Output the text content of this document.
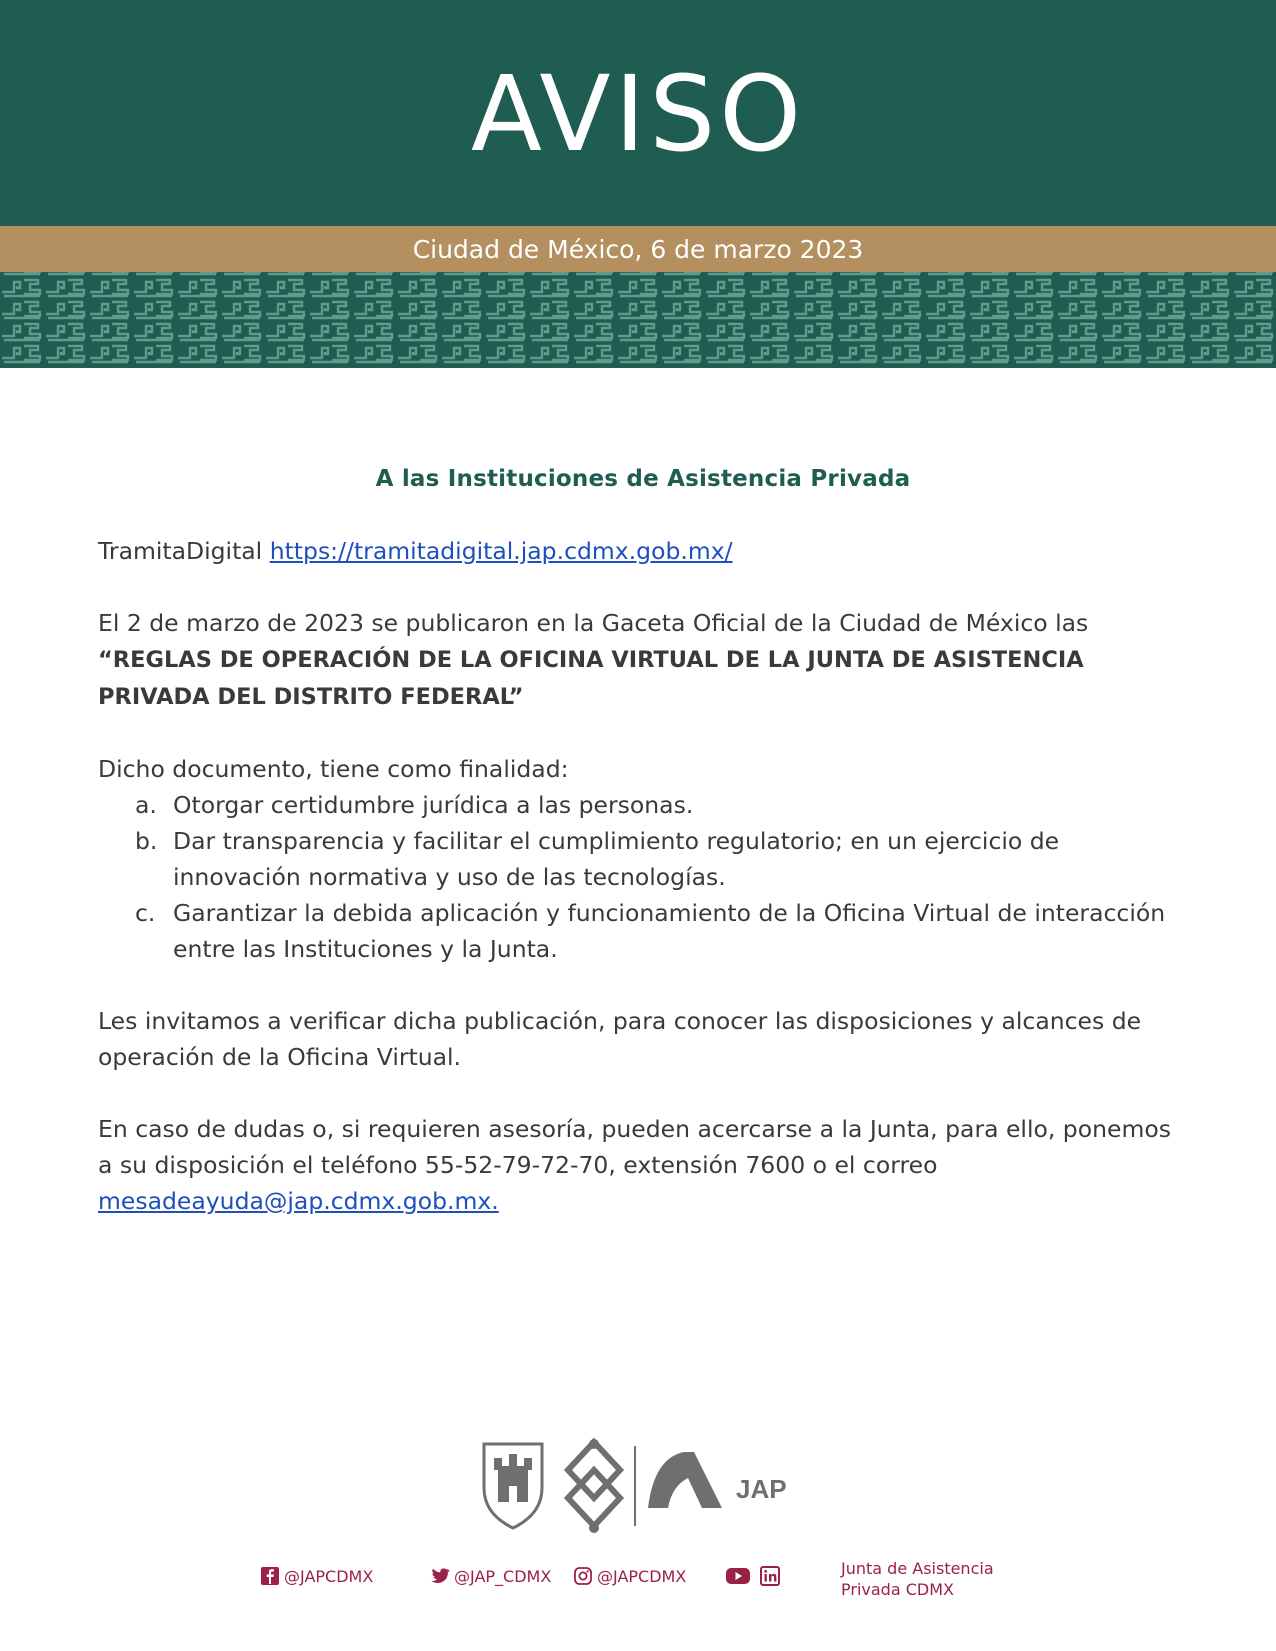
AVISO
Ciudad de México, 6 de marzo 2023
A las Instituciones de Asistencia Privada

TramitaDigital https://tramitadigital.jap.cdmx.gob.mx/

El 2 de marzo de 2023 se publicaron en la Gaceta Oficial de la Ciudad de México las “REGLAS DE OPERACIÓN DE LA OFICINA VIRTUAL DE LA JUNTA DE ASISTENCIA PRIVADA DEL DISTRITO FEDERAL”

Dicho documento, tiene como finalidad:

a. Otorgar certidumbre jurídica a las personas.
b. Dar transparencia y facilitar el cumplimiento regulatorio; en un ejercicio de innovación normativa y uso de las tecnologías.
c. Garantizar la debida aplicación y funcionamiento de la Oficina Virtual de interacción entre las Instituciones y la Junta.

Les invitamos a verificar dicha publicación, para conocer las disposiciones y alcances de operación de la Oficina Virtual.

En caso de dudas o, si requieren asesoría, pueden acercarse a la Junta, para ello, ponemos a su disposición el teléfono 55-52-79-72-70, extensión 7600 o el correo mesadeayuda@jap.cdmx.gob.mx.

JAP
@JAPCDMX	@JAP_CDMX	@JAPCDMX	Junta de Asistencia
Privada CDMX
